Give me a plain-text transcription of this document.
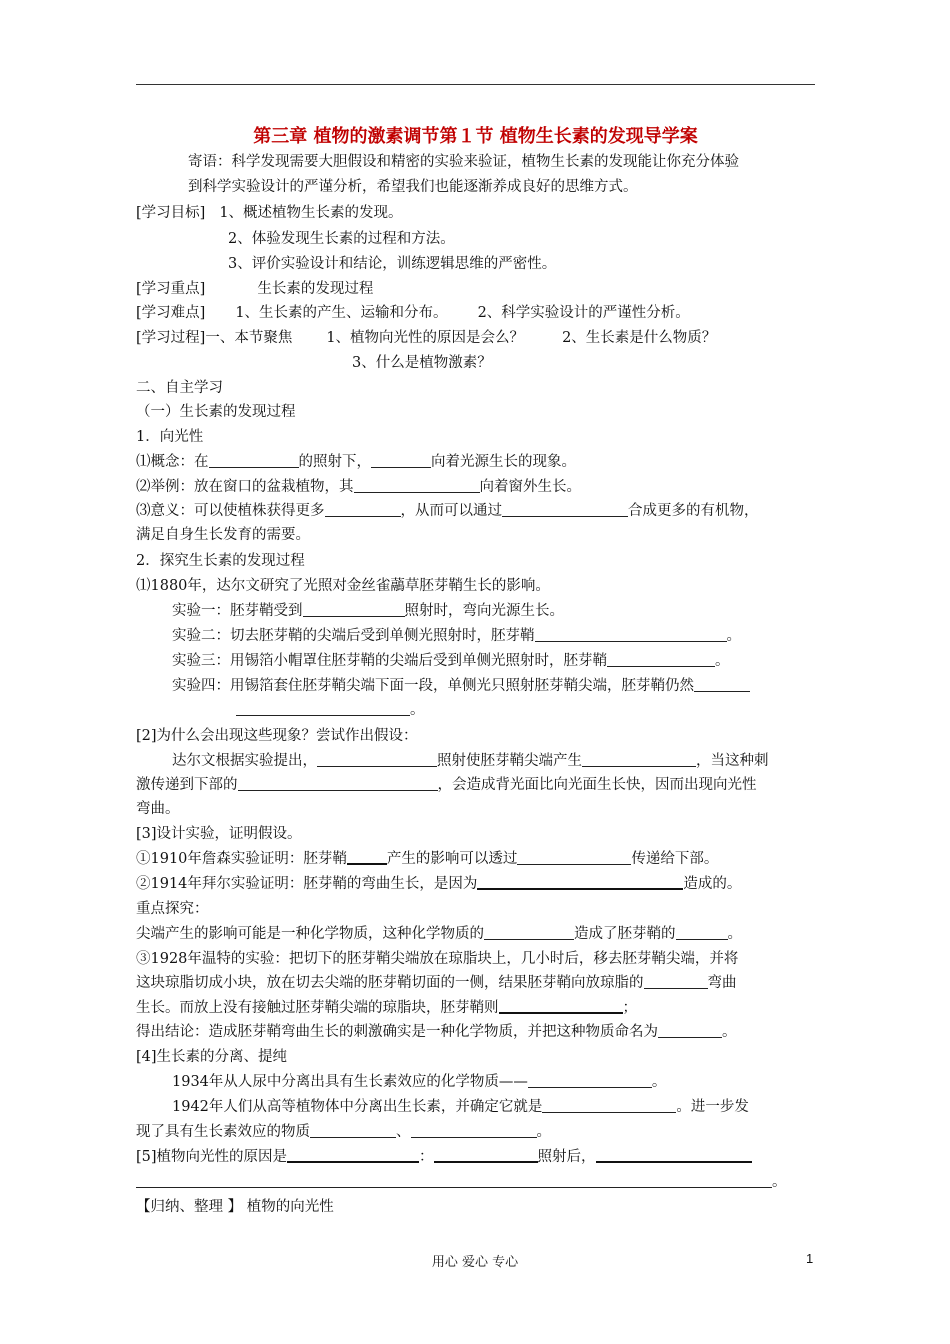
第三章 植物的激素调节第１节 植物生长素的发现导学案
寄语：科学发现需要大胆假设和精密的实验来验证，植物生长素的发现能让你充分体验
到科学实验设计的严谨分析，希望我们也能逐渐养成良好的思维方式。
[学习目标] 1、概述植物生长素的发现。
2、体验发现生长素的过程和方法。
3、评价实验设计和结论，训练逻辑思维的严密性。
[学习重点]	生长素的发现过程
[学习难点] 1、生长素的产生、运输和分布。 2、科学实验设计的严谨性分析。
[学习过程]一、本节聚焦 1、植物向光性的原因是会么？	2、生长素是什么物质？
3、什么是植物激素？
二、自主学习
（一）生长素的发现过程
1．向光性
⑴概念：在	的照射下，	向着光源生长的现象。
⑵举例：放在窗口的盆栽植物，其	向着窗外生长。
⑶意义：可以使植株获得更多	，从而可以通过	合成更多的有机物，
满足自身生长发育的需要。
2．探究生长素的发现过程
⑴1880年，达尔文研究了光照对金丝雀虉草胚芽鞘生长的影响。
实验一：胚芽鞘受到	照射时，弯向光源生长。
实验二：切去胚芽鞘的尖端后受到单侧光照射时，胚芽鞘	。
实验三：用锡箔小帽罩住胚芽鞘的尖端后受到单侧光照射时，胚芽鞘	。
实验四：用锡箔套住胚芽鞘尖端下面一段，单侧光只照射胚芽鞘尖端，胚芽鞘仍然
。
[2]为什么会出现这些现象？尝试作出假设：
达尔文根据实验提出，	照射使胚芽鞘尖端产生	，当这种刺
激传递到下部的	，会造成背光面比向光面生长快，因而出现向光性
弯曲。
[3]设计实验，证明假设。
①1910年詹森实验证明：胚芽鞘	产生的影响可以透过	传递给下部。
②1914年拜尔实验证明：胚芽鞘的弯曲生长，是因为	造成的。
重点探究：
尖端产生的影响可能是一种化学物质，这种化学物质的	造成了胚芽鞘的	。
③1928年温特的实验：把切下的胚芽鞘尖端放在琼脂块上，几小时后，移去胚芽鞘尖端，并将
这块琼脂切成小块，放在切去尖端的胚芽鞘切面的一侧，结果胚芽鞘向放琼脂的	弯曲
生长。而放上没有接触过胚芽鞘尖端的琼脂块，胚芽鞘则	；
得出结论：造成胚芽鞘弯曲生长的刺激确实是一种化学物质，并把这种物质命名为	。
[4]生长素的分离、提纯
1934年从人尿中分离出具有生长素效应的化学物质——	。
1942年人们从高等植物体中分离出生长素，并确定它就是	。进一步发
现了具有生长素效应的物质	、	。
[5]植物向光性的原因是	：	照射后，
。
【归纳、整理 】 植物的向光性
用心 爱心 专心	1
